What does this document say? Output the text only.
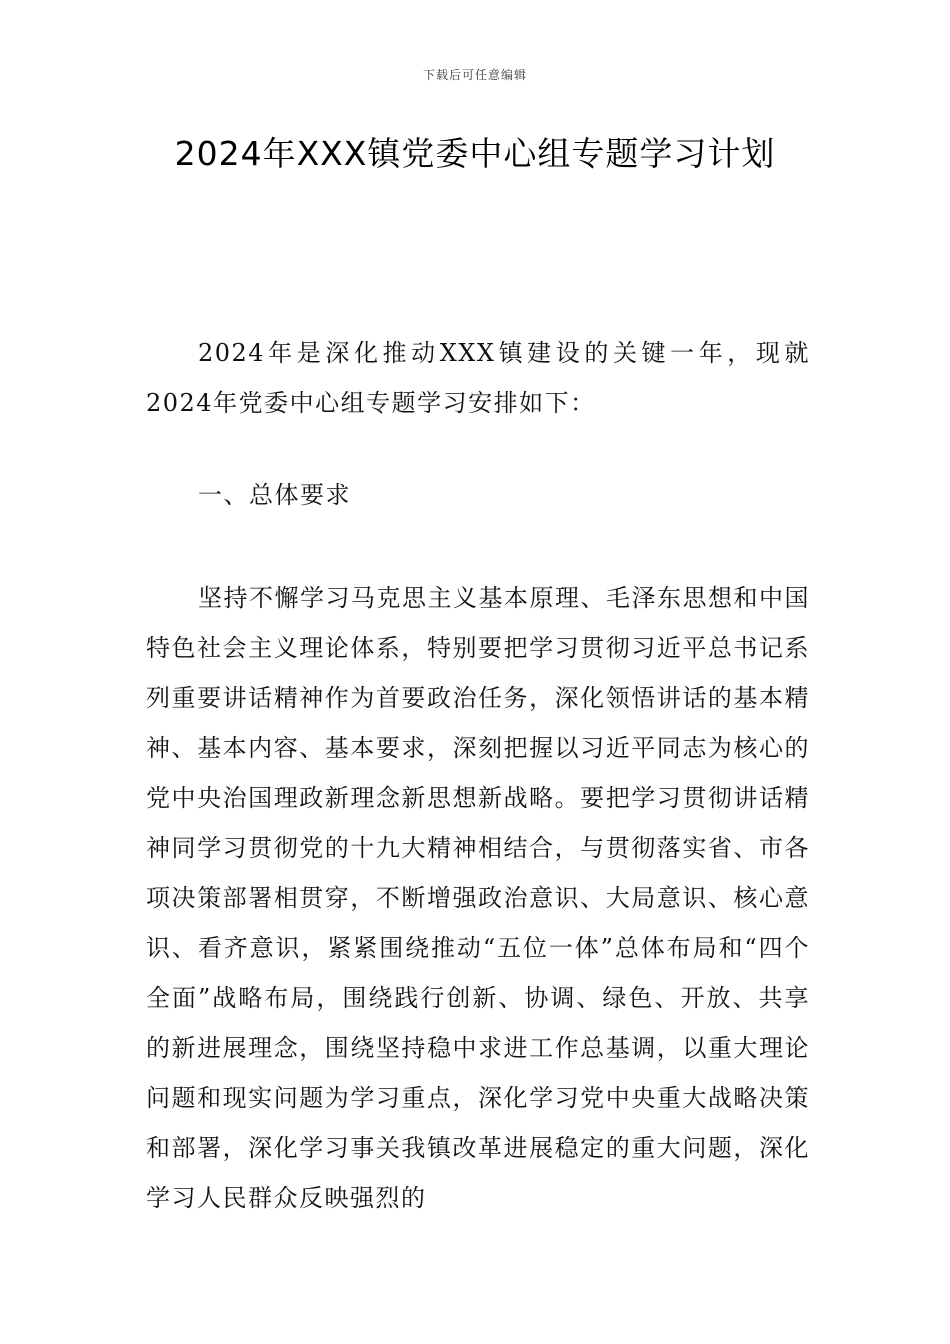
下载后可任意编辑
2024年XXX镇党委中心组专题学习计划

2024年是深化推动XXX镇建设的关键一年，现就2024年党委中心组专题学习安排如下：

一、总体要求

坚持不懈学习马克思主义基本原理、毛泽东思想和中国特色社会主义理论体系，特别要把学习贯彻习近平总书记系列重要讲话精神作为首要政治任务，深化领悟讲话的基本精神、基本内容、基本要求，深刻把握以习近平同志为核心的党中央治国理政新理念新思想新战略。要把学习贯彻讲话精神同学习贯彻党的十九大精神相结合，与贯彻落实省、市各项决策部署相贯穿，不断增强政治意识、大局意识、核心意识、看齐意识，紧紧围绕推动“五位一体”总体布局和“四个全面”战略布局，围绕践行创新、协调、绿色、开放、共享的新进展理念，围绕坚持稳中求进工作总基调，以重大理论问题和现实问题为学习重点，深化学习党中央重大战略决策和部署，深化学习事关我镇改革进展稳定的重大问题，深化学习人民群众反映强烈的
